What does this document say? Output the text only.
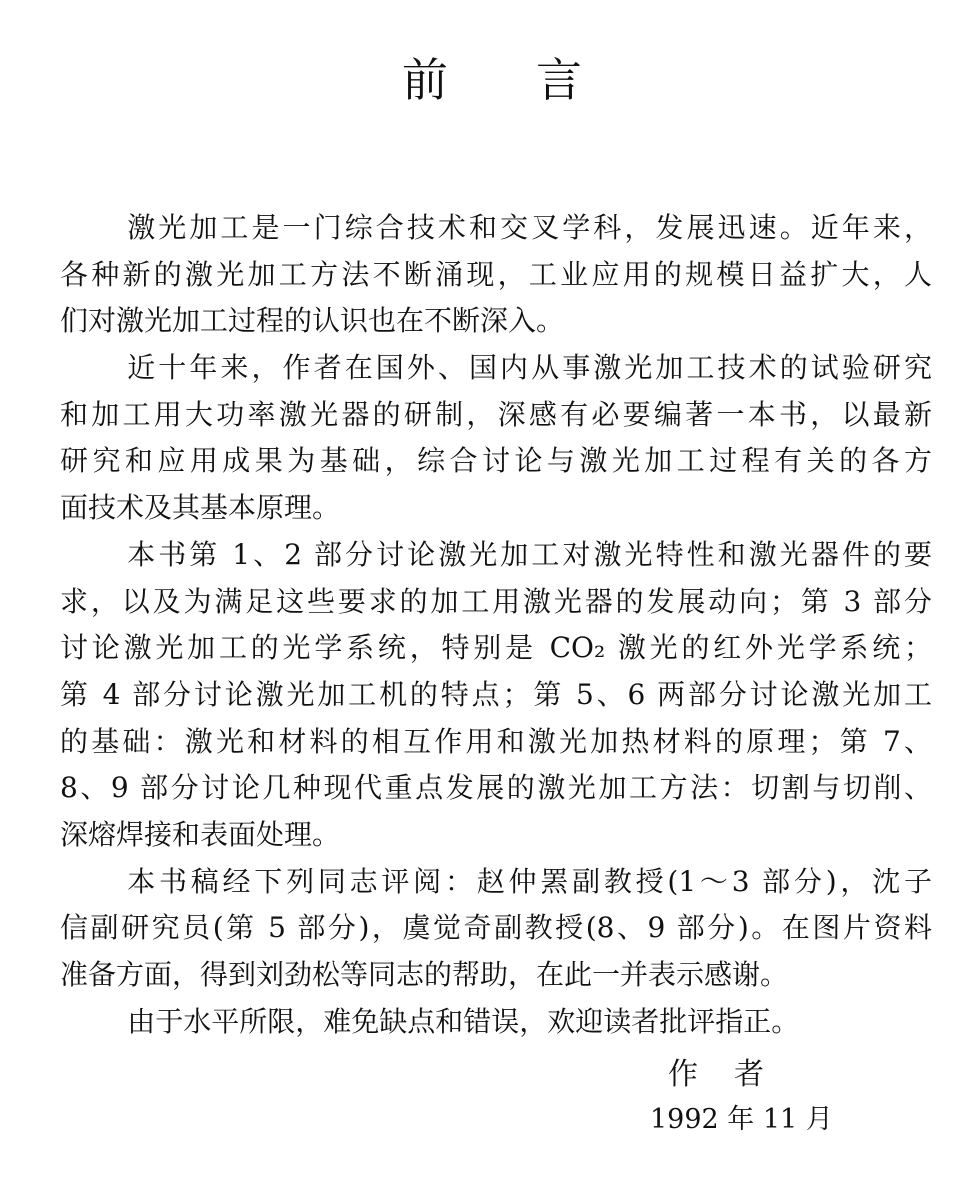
前言
激光加工是一门综合技术和交叉学科，发展迅速。近年来，
各种新的激光加工方法不断涌现，工业应用的规模日益扩大，人
们对激光加工过程的认识也在不断深入。
近十年来，作者在国外、国内从事激光加工技术的试验研究
和加工用大功率激光器的研制，深感有必要编著一本书，以最新
研究和应用成果为基础，综合讨论与激光加工过程有关的各方
面技术及其基本原理。
本书第 1、2 部分讨论激光加工对激光特性和激光器件的要
求，以及为满足这些要求的加工用激光器的发展动向；第 3 部分
讨论激光加工的光学系统，特别是 CO₂ 激光的红外光学系统；
第 4 部分讨论激光加工机的特点；第 5、6 两部分讨论激光加工
的基础：激光和材料的相互作用和激光加热材料的原理；第 7、
8、9 部分讨论几种现代重点发展的激光加工方法：切割与切削、
深熔焊接和表面处理。
本书稿经下列同志评阅：赵仲罴副教授(1～3 部分)，沈子
信副研究员(第 5 部分)，虞觉奇副教授(8、9 部分)。在图片资料
准备方面，得到刘劲松等同志的帮助，在此一并表示感谢。
由于水平所限，难免缺点和错误，欢迎读者批评指正。
作者
1992 年 11 月
